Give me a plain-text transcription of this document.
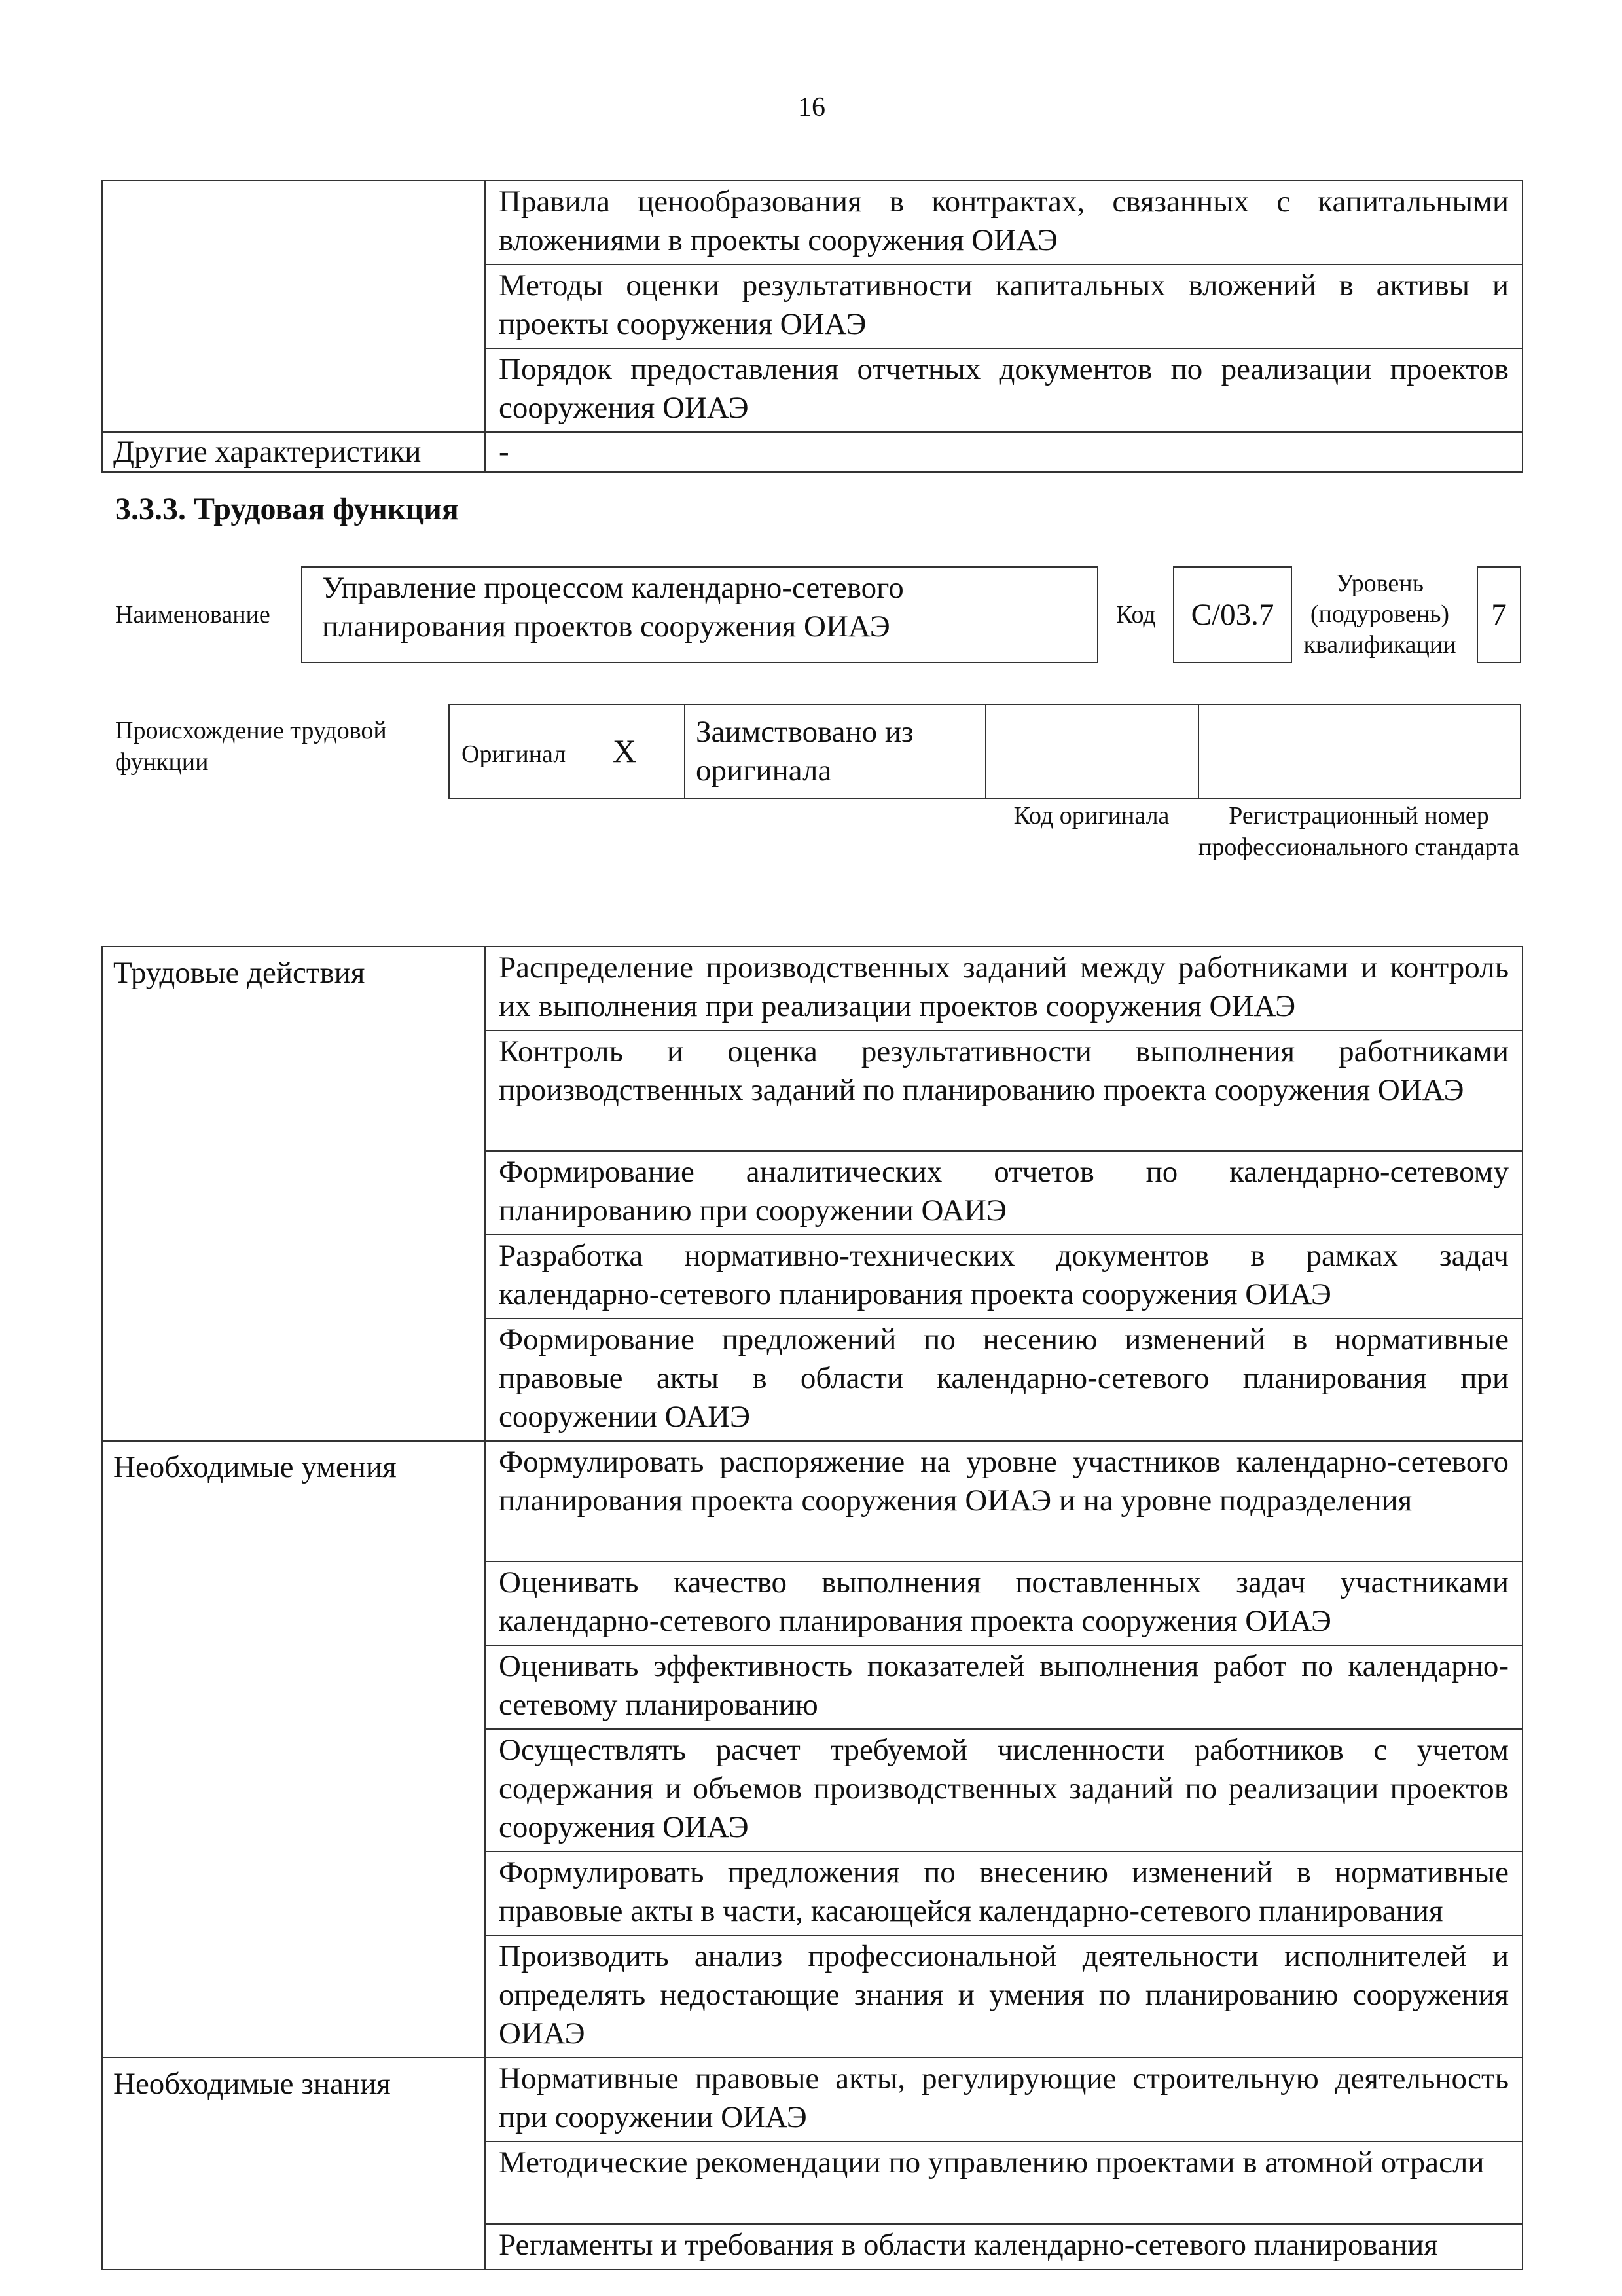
16
	Правила ценообразования в контрактах, связанных с капитальными вложениями в проекты сооружения ОИАЭ
	Методы оценки результативности капитальных вложений в активы и проекты сооружения ОИАЭ
	Порядок предоставления отчетных документов по реализации проектов сооружения ОИАЭ
Другие характеристики	-
3.3.3. Трудовая функция
Наименование
Управление процессом календарно-сетевого планирования проектов сооружения ОИАЭ	Код С/03.7
Уровень (подуровень) квалификации
7
Происхождение трудовой функции	Оригинал Х	Заимствовано из оригинала		
Код оригинала	Регистрационный номер профессионального стандарта
Трудовые действия	Распределение производственных заданий между работниками и контроль их выполнения при реализации проектов сооружения ОИАЭ
	Контроль и оценка результативности выполнения работниками производственных заданий по планированию проекта сооружения ОИАЭ
	Формирование аналитических отчетов по календарно-сетевому планированию при сооружении ОАИЭ
	Разработка нормативно-технических документов в рамках задач календарно-сетевого планирования проекта сооружения ОИАЭ
	Формирование предложений по несению изменений в нормативные правовые акты в области календарно-сетевого планирования при сооружении ОАИЭ
Необходимые умения	Формулировать распоряжение на уровне участников календарно-сетевого планирования проекта сооружения ОИАЭ и на уровне подразделения
	Оценивать качество выполнения поставленных задач участниками календарно-сетевого планирования проекта сооружения ОИАЭ
	Оценивать эффективность показателей выполнения работ по календарно-сетевому планированию
	Осуществлять расчет требуемой численности работников с учетом содержания и объемов производственных заданий по реализации проектов сооружения ОИАЭ
	Формулировать предложения по внесению изменений в нормативные правовые акты в части, касающейся календарно-сетевого планирования
	Производить анализ профессиональной деятельности исполнителей и определять недостающие знания и умения по планированию сооружения ОИАЭ
Необходимые знания	Нормативные правовые акты, регулирующие строительную деятельность при сооружении ОИАЭ
	Методические рекомендации по управлению проектами в атомной отрасли
	Регламенты и требования в области календарно-сетевого планирования
